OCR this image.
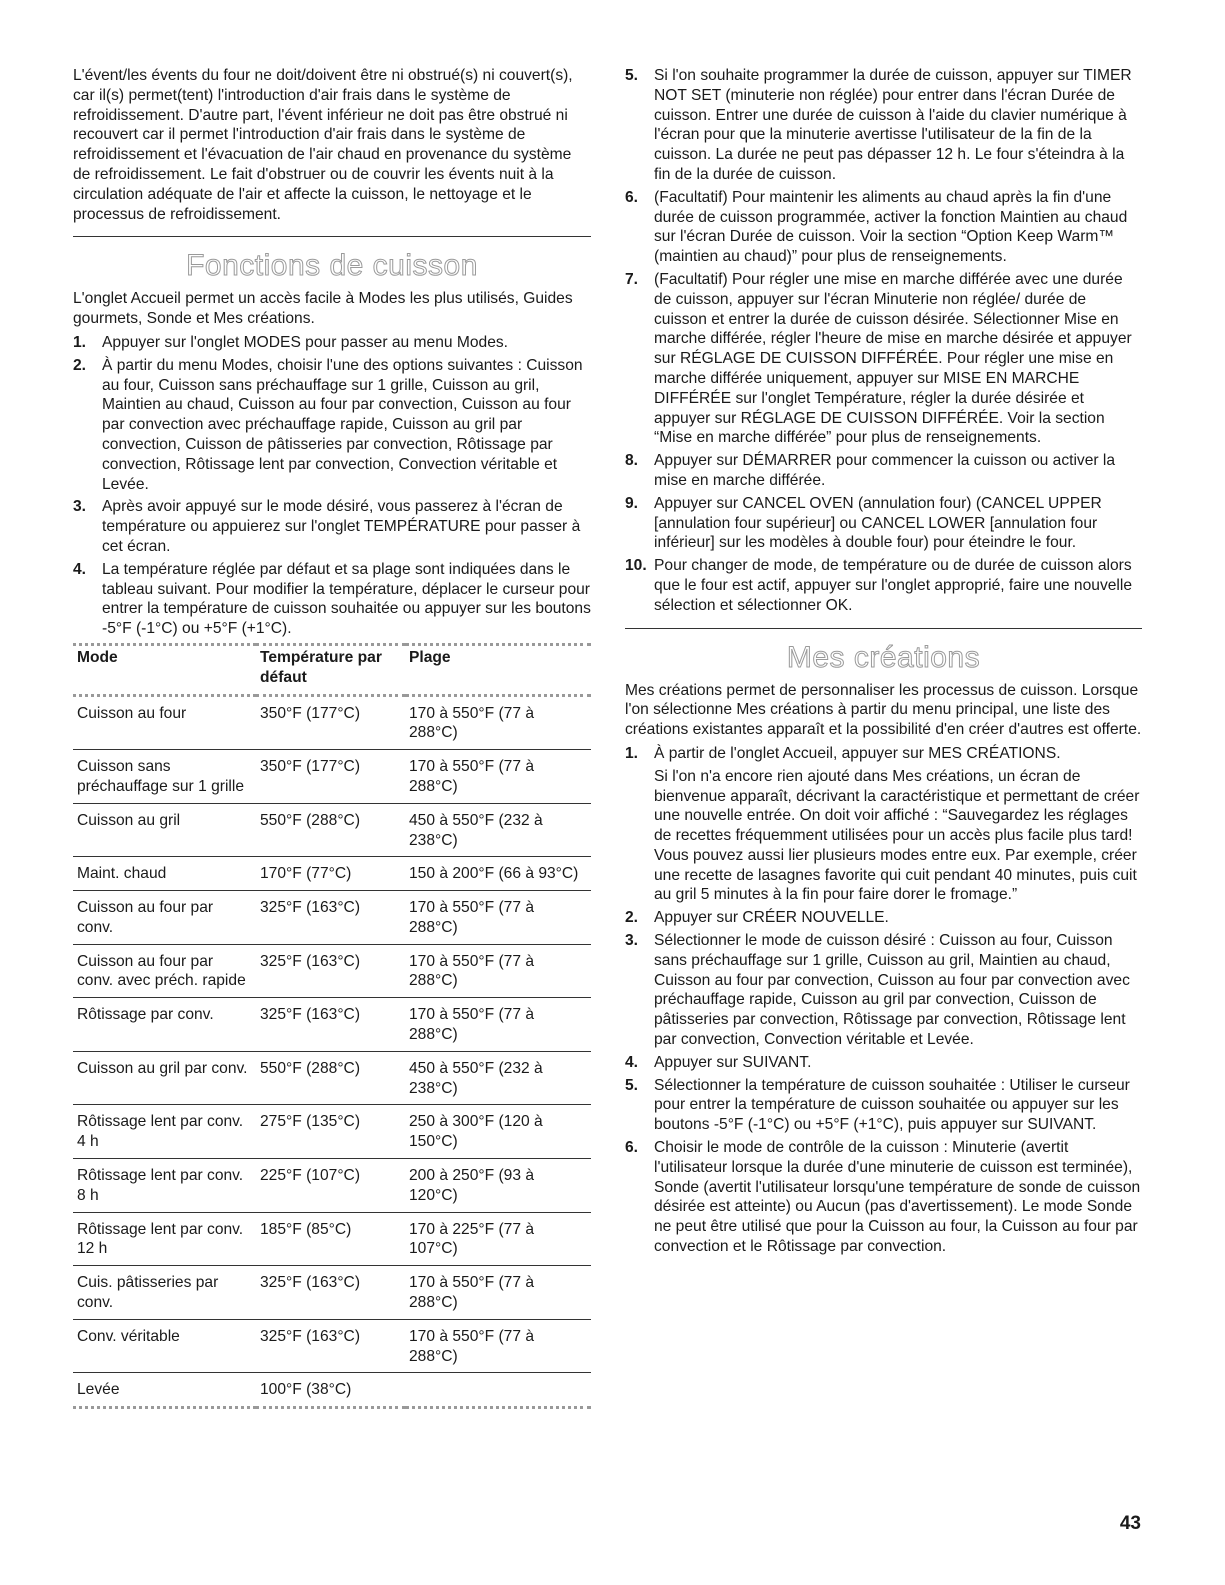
L'évent/les évents du four ne doit/doivent être ni obstrué(s) ni couvert(s), car il(s) permet(tent) l'introduction d'air frais dans le système de refroidissement. D'autre part, l'évent inférieur ne doit pas être obstrué ni recouvert car il permet l'introduction d'air frais dans le système de refroidissement et l'évacuation de l'air chaud en provenance du système de refroidissement. Le fait d'obstruer ou de couvrir les évents nuit à la circulation adéquate de l'air et affecte la cuisson, le nettoyage et le processus de refroidissement.

Fonctions de cuisson

L'onglet Accueil permet un accès facile à Modes les plus utilisés, Guides gourmets, Sonde et Mes créations.

1. Appuyer sur l'onglet MODES pour passer au menu Modes.
2. À partir du menu Modes, choisir l'une des options suivantes : Cuisson au four, Cuisson sans préchauffage sur 1 grille, Cuisson au gril, Maintien au chaud, Cuisson au four par convection, Cuisson au four par convection avec préchauffage rapide, Cuisson au gril par convection, Cuisson de pâtisseries par convection, Rôtissage par convection, Rôtissage lent par convection, Convection véritable et Levée.
3. Après avoir appuyé sur le mode désiré, vous passerez à l'écran de température ou appuierez sur l'onglet TEMPÉRATURE pour passer à cet écran.
4. La température réglée par défaut et sa plage sont indiquées dans le tableau suivant. Pour modifier la température, déplacer le curseur pour entrer la température de cuisson souhaitée ou appuyer sur les boutons -5°F (-1°C) ou +5°F (+1°C).
Mode	Température par défaut	Plage
Cuisson au four	350°F (177°C)	170 à 550°F (77 à 288°C)
Cuisson sans préchauffage sur 1 grille	350°F (177°C)	170 à 550°F (77 à 288°C)
Cuisson au gril	550°F (288°C)	450 à 550°F (232 à 238°C)
Maint. chaud	170°F (77°C)	150 à 200°F (66 à 93°C)
Cuisson au four par conv.	325°F (163°C)	170 à 550°F (77 à 288°C)
Cuisson au four par conv. avec préch. rapide	325°F (163°C)	170 à 550°F (77 à 288°C)
Rôtissage par conv.	325°F (163°C)	170 à 550°F (77 à 288°C)
Cuisson au gril par conv.	550°F (288°C)	450 à 550°F (232 à 238°C)
Rôtissage lent par conv. 4 h	275°F (135°C)	250 à 300°F (120 à 150°C)
Rôtissage lent par conv. 8 h	225°F (107°C)	200 à 250°F (93 à 120°C)
Rôtissage lent par conv. 12 h	185°F (85°C)	170 à 225°F (77 à 107°C)
Cuis. pâtisseries par conv.	325°F (163°C)	170 à 550°F (77 à 288°C)
Conv. véritable	325°F (163°C)	170 à 550°F (77 à 288°C)
Levée	100°F (38°C)	
5. Si l'on souhaite programmer la durée de cuisson, appuyer sur TIMER NOT SET (minuterie non réglée) pour entrer dans l'écran Durée de cuisson. Entrer une durée de cuisson à l'aide du clavier numérique à l'écran pour que la minuterie avertisse l'utilisateur de la fin de la cuisson. La durée ne peut pas dépasser 12 h. Le four s'éteindra à la fin de la durée de cuisson.
6. (Facultatif) Pour maintenir les aliments au chaud après la fin d'une durée de cuisson programmée, activer la fonction Maintien au chaud sur l'écran Durée de cuisson. Voir la section “Option Keep Warm™ (maintien au chaud)” pour plus de renseignements.
7. (Facultatif) Pour régler une mise en marche différée avec une durée de cuisson, appuyer sur l'écran Minuterie non réglée/ durée de cuisson et entrer la durée de cuisson désirée. Sélectionner Mise en marche différée, régler l'heure de mise en marche désirée et appuyer sur RÉGLAGE DE CUISSON DIFFÉRÉE. Pour régler une mise en marche différée uniquement, appuyer sur MISE EN MARCHE DIFFÉRÉE sur l'onglet Température, régler la durée désirée et appuyer sur RÉGLAGE DE CUISSON DIFFÉRÉE. Voir la section “Mise en marche différée” pour plus de renseignements.
8. Appuyer sur DÉMARRER pour commencer la cuisson ou activer la mise en marche différée.
9. Appuyer sur CANCEL OVEN (annulation four) (CANCEL UPPER [annulation four supérieur] ou CANCEL LOWER [annulation four inférieur] sur les modèles à double four) pour éteindre le four.
10. Pour changer de mode, de température ou de durée de cuisson alors que le four est actif, appuyer sur l'onglet approprié, faire une nouvelle sélection et sélectionner OK.
Mes créations

Mes créations permet de personnaliser les processus de cuisson. Lorsque l'on sélectionne Mes créations à partir du menu principal, une liste des créations existantes apparaît et la possibilité d'en créer d'autres est offerte.

1. À partir de l'onglet Accueil, appuyer sur MES CRÉATIONS.
Si l'on n'a encore rien ajouté dans Mes créations, un écran de bienvenue apparaît, décrivant la caractéristique et permettant de créer une nouvelle entrée. On doit voir affiché : “Sauvegardez les réglages de recettes fréquemment utilisées pour un accès plus facile plus tard! Vous pouvez aussi lier plusieurs modes entre eux. Par exemple, créer une recette de lasagnes favorite qui cuit pendant 40 minutes, puis cuit au gril 5 minutes à la fin pour faire dorer le fromage.”
2. Appuyer sur CRÉER NOUVELLE.
3. Sélectionner le mode de cuisson désiré : Cuisson au four, Cuisson sans préchauffage sur 1 grille, Cuisson au gril, Maintien au chaud, Cuisson au four par convection, Cuisson au four par convection avec préchauffage rapide, Cuisson au gril par convection, Cuisson de pâtisseries par convection, Rôtissage par convection, Rôtissage lent par convection, Convection véritable et Levée.
4. Appuyer sur SUIVANT.
5. Sélectionner la température de cuisson souhaitée : Utiliser le curseur pour entrer la température de cuisson souhaitée ou appuyer sur les boutons -5°F (-1°C) ou +5°F (+1°C), puis appuyer sur SUIVANT.
6. Choisir le mode de contrôle de la cuisson : Minuterie (avertit l'utilisateur lorsque la durée d'une minuterie de cuisson est terminée), Sonde (avertit l'utilisateur lorsqu'une température de sonde de cuisson désirée est atteinte) ou Aucun (pas d'avertissement). Le mode Sonde ne peut être utilisé que pour la Cuisson au four, la Cuisson au four par convection et le Rôtissage par convection.
43
